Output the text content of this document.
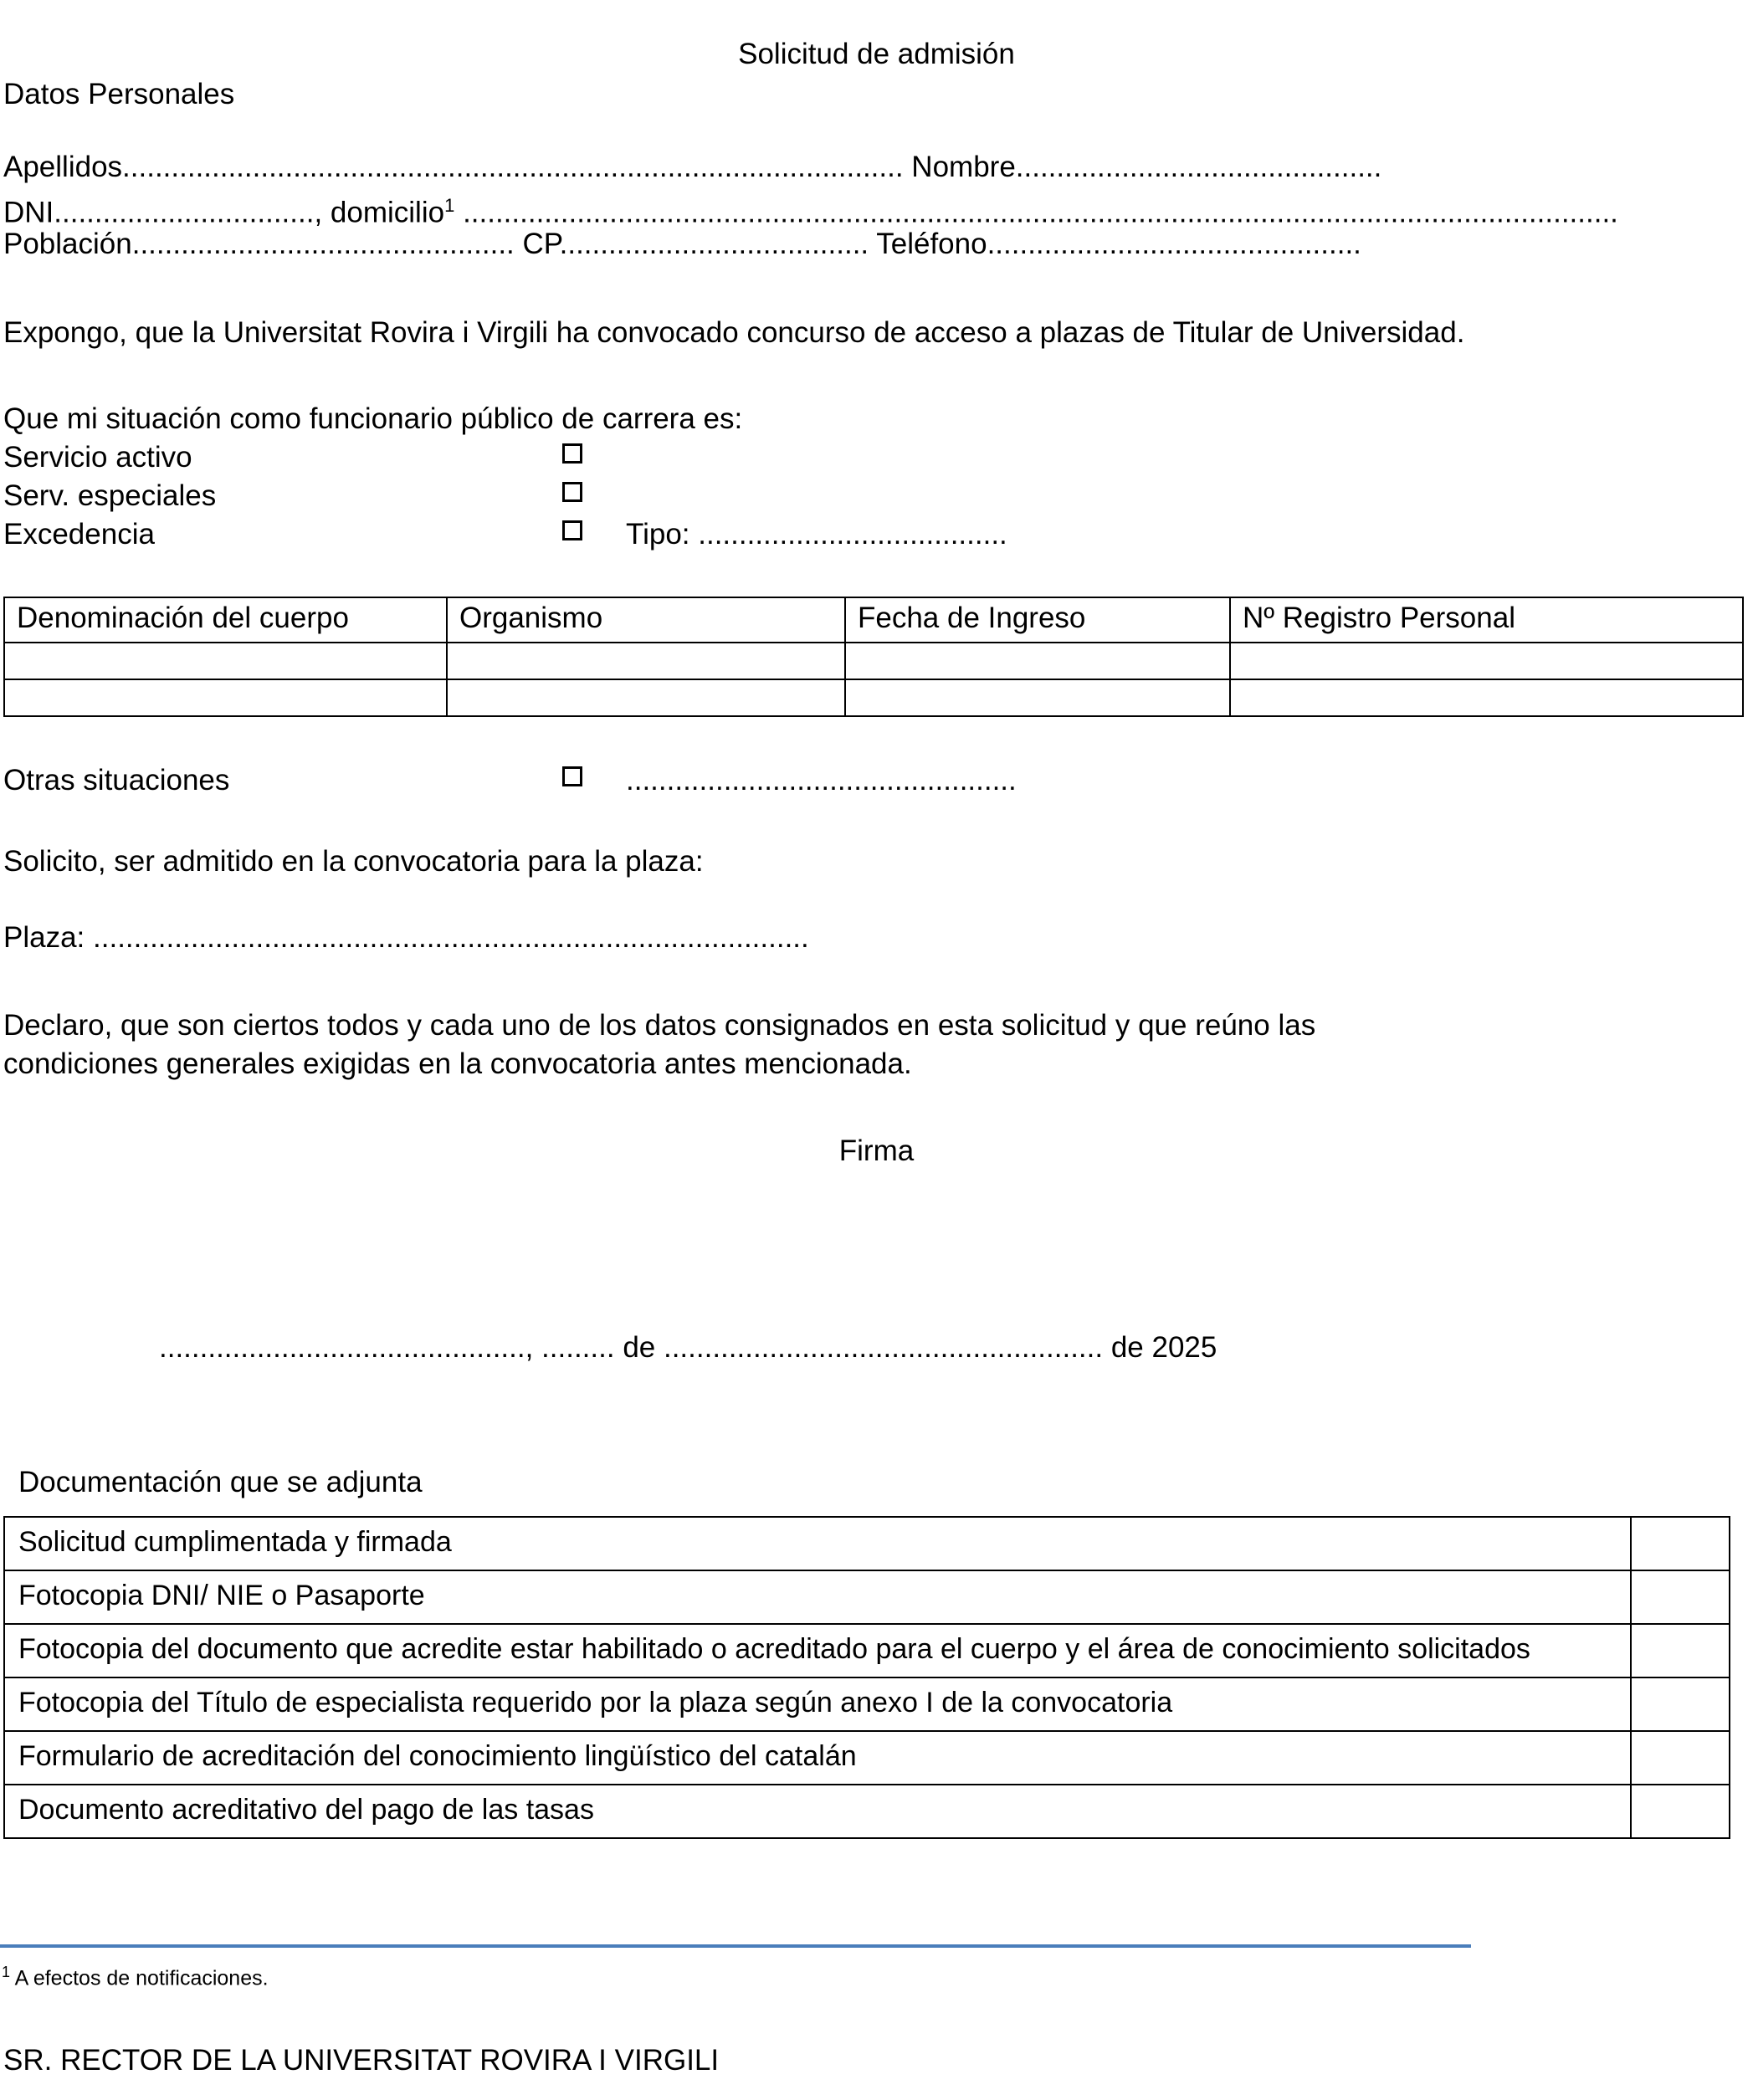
Solicitud de admisión
Datos Personales
Apellidos................................................................................................ Nombre.............................................
DNI................................, domicilio$^1$ ..............................................................................................................................................
Población............................................... CP...................................... Teléfono..............................................
Expongo, que la Universitat Rovira i Virgili ha convocado concurso de acceso a plazas de Titular de Universidad.
Que mi situación como funcionario público de carrera es:
Servicio activo
Serv. especiales
Excedencia	Tipo: ......................................
Denominación del cuerpo	Organismo	Fecha de Ingreso	Nº Registro Personal

Otras situaciones	................................................
Solicito, ser admitido en la convocatoria para la plaza:
Plaza: ........................................................................................
Declaro, que son ciertos todos y cada uno de los datos consignados en esta solicitud y que reúno las
condiciones generales exigidas en la convocatoria antes mencionada.
Firma
............................................., ......... de ...................................................... de 2025
Documentación que se adjunta
Solicitud cumplimentada y firmada	
Fotocopia DNI/ NIE o Pasaporte	
Fotocopia del documento que acredite estar habilitado o acreditado para el cuerpo y el área de conocimiento solicitados	
Fotocopia del Título de especialista requerido por la plaza según anexo I de la convocatoria	
Formulario de acreditación del conocimiento lingüístico del catalán	
Documento acreditativo del pago de las tasas	
$^1$ A efectos de notificaciones.
SR. RECTOR DE LA UNIVERSITAT ROVIRA I VIRGILI
